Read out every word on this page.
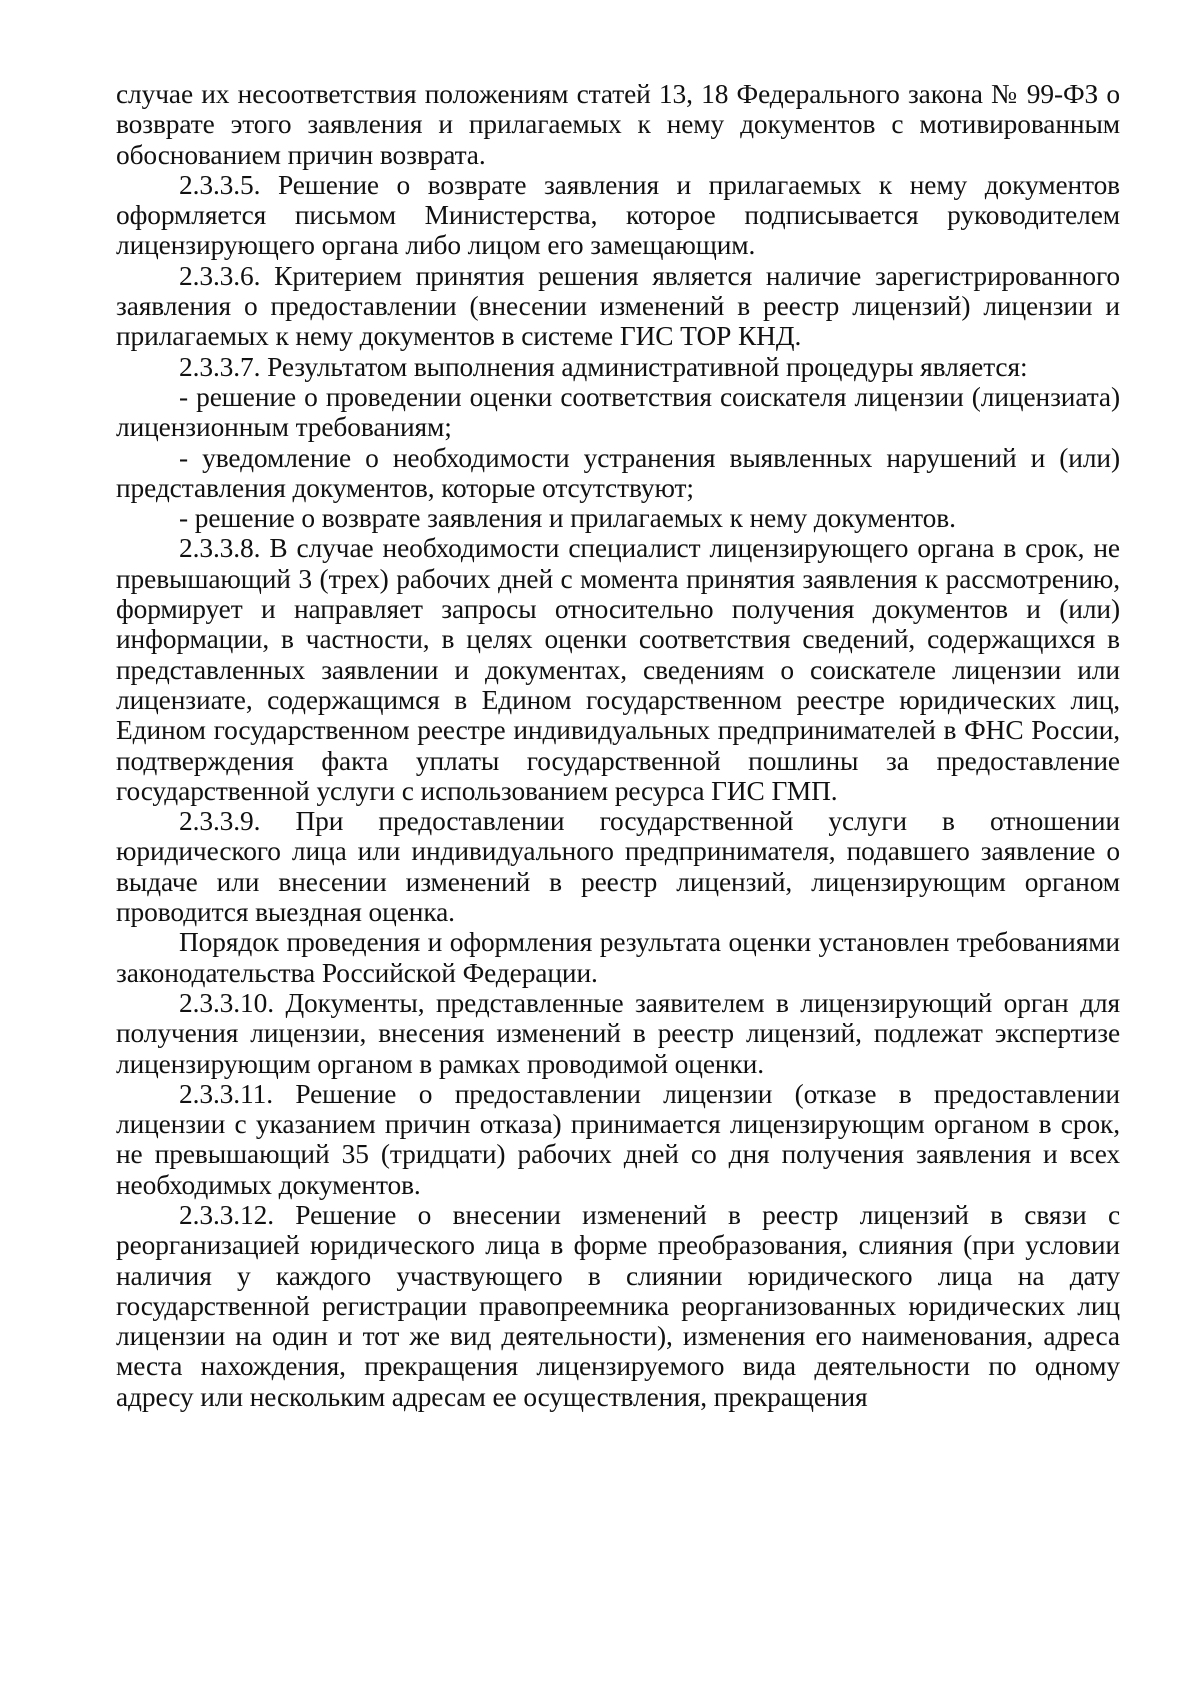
случае их несоответствия положениям статей 13, 18 Федерального закона № 99-ФЗ о возврате этого заявления и прилагаемых к нему документов с мотивированным обоснованием причин возврата.

2.3.3.5. Решение о возврате заявления и прилагаемых к нему документов оформляется письмом Министерства, которое подписывается руководителем лицензирующего органа либо лицом его замещающим.

2.3.3.6. Критерием принятия решения является наличие зарегистрированного заявления о предоставлении (внесении изменений в реестр лицензий) лицензии и прилагаемых к нему документов в системе ГИС ТОР КНД.

2.3.3.7. Результатом выполнения административной процедуры является:

- решение о проведении оценки соответствия соискателя лицензии (лицензиата) лицензионным требованиям;

- уведомление о необходимости устранения выявленных нарушений и (или) представления документов, которые отсутствуют;

- решение о возврате заявления и прилагаемых к нему документов.

2.3.3.8. В случае необходимости специалист лицензирующего органа в срок, не превышающий 3 (трех) рабочих дней с момента принятия заявления к рассмотрению, формирует и направляет запросы относительно получения документов и (или) информации, в частности, в целях оценки соответствия сведений, содержащихся в представленных заявлении и документах, сведениям о соискателе лицензии или лицензиате, содержащимся в Едином государственном реестре юридических лиц, Едином государственном реестре индивидуальных предпринимателей в ФНС России, подтверждения факта уплаты государственной пошлины за предоставление государственной услуги с использованием ресурса ГИС ГМП.

2.3.3.9. При предоставлении государственной услуги в отношении юридического лица или индивидуального предпринимателя, подавшего заявление о выдаче или внесении изменений в реестр лицензий, лицензирующим органом проводится выездная оценка.

Порядок проведения и оформления результата оценки установлен требованиями законодательства Российской Федерации.

2.3.3.10. Документы, представленные заявителем в лицензирующий орган для получения лицензии, внесения изменений в реестр лицензий, подлежат экспертизе лицензирующим органом в рамках проводимой оценки.

2.3.3.11. Решение о предоставлении лицензии (отказе в предоставлении лицензии с указанием причин отказа) принимается лицензирующим органом в срок, не превышающий 35 (тридцати) рабочих дней со дня получения заявления и всех необходимых документов.

2.3.3.12. Решение о внесении изменений в реестр лицензий в связи с реорганизацией юридического лица в форме преобразования, слияния (при условии наличия у каждого участвующего в слиянии юридического лица на дату государственной регистрации правопреемника реорганизованных юридических лиц лицензии на один и тот же вид деятельности), изменения его наименования, адреса места нахождения, прекращения лицензируемого вида деятельности по одному адресу или нескольким адресам ее осуществления, прекращения
